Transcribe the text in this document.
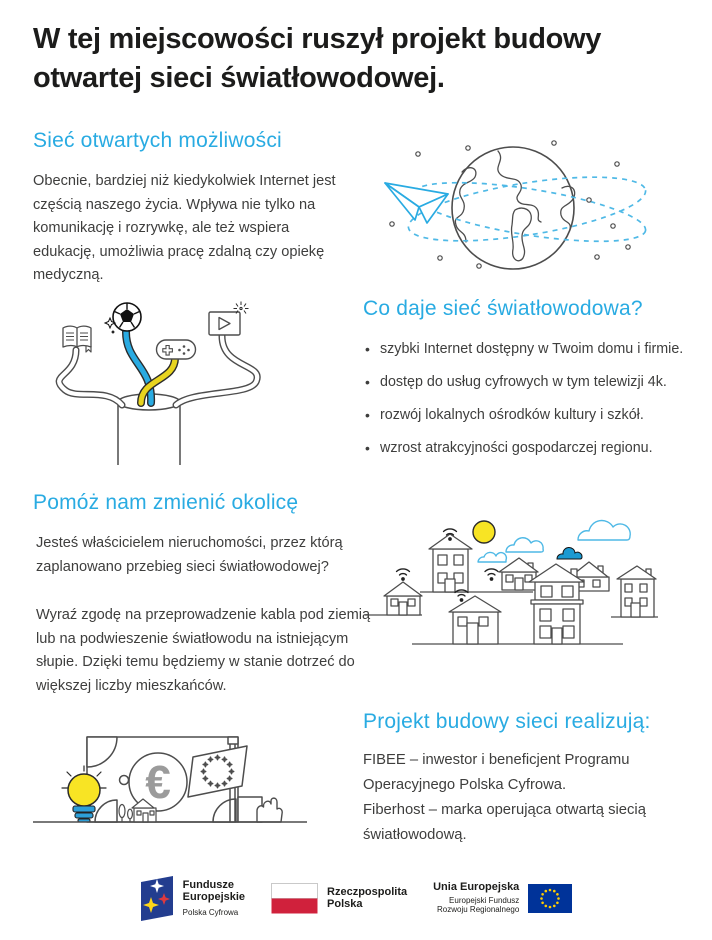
W tej miejscowości ruszył projekt budowy
otwartej sieci światłowodowej.
Sieć otwartych możliwości

Obecnie, bardziej niż kiedykolwiek Internet jest częścią naszego życia. Wpływa nie tylko na komunikację i rozrywkę, ale też wspiera edukację, umożliwia pracę zdalną czy opiekę medyczną.

Co daje sieć światłowodowa?
• szybki Internet dostępny w Twoim domu i firmie.
• dostęp do usług cyfrowych w tym telewizji 4k.
• rozwój lokalnych ośrodków kultury i szkół.
• wzrost atrakcyjności gospodarczej regionu.
Pomóż nam zmienić okolicę

Jesteś właścicielem nieruchomości, przez którą zaplanowano przebieg sieci światłowodowej?

Wyraź zgodę na przeprowadzenie kabla pod ziemią lub na podwieszenie światłowodu na istniejącym słupie. Dzięki temu będziemy w stanie dotrzeć do większej liczby mieszkańców.

€
Projekt budowy sieci realizują:

FIBEE – inwestor i beneficjent Programu Operacyjnego Polska Cyfrowa.
Fiberhost – marka operująca otwartą siecią światłowodową.

Fundusze
Europejskie
Polska Cyfrowa
Rzeczpospolita
Polska
Unia Europejska
Europejski Fundusz
Rozwoju Regionalnego
